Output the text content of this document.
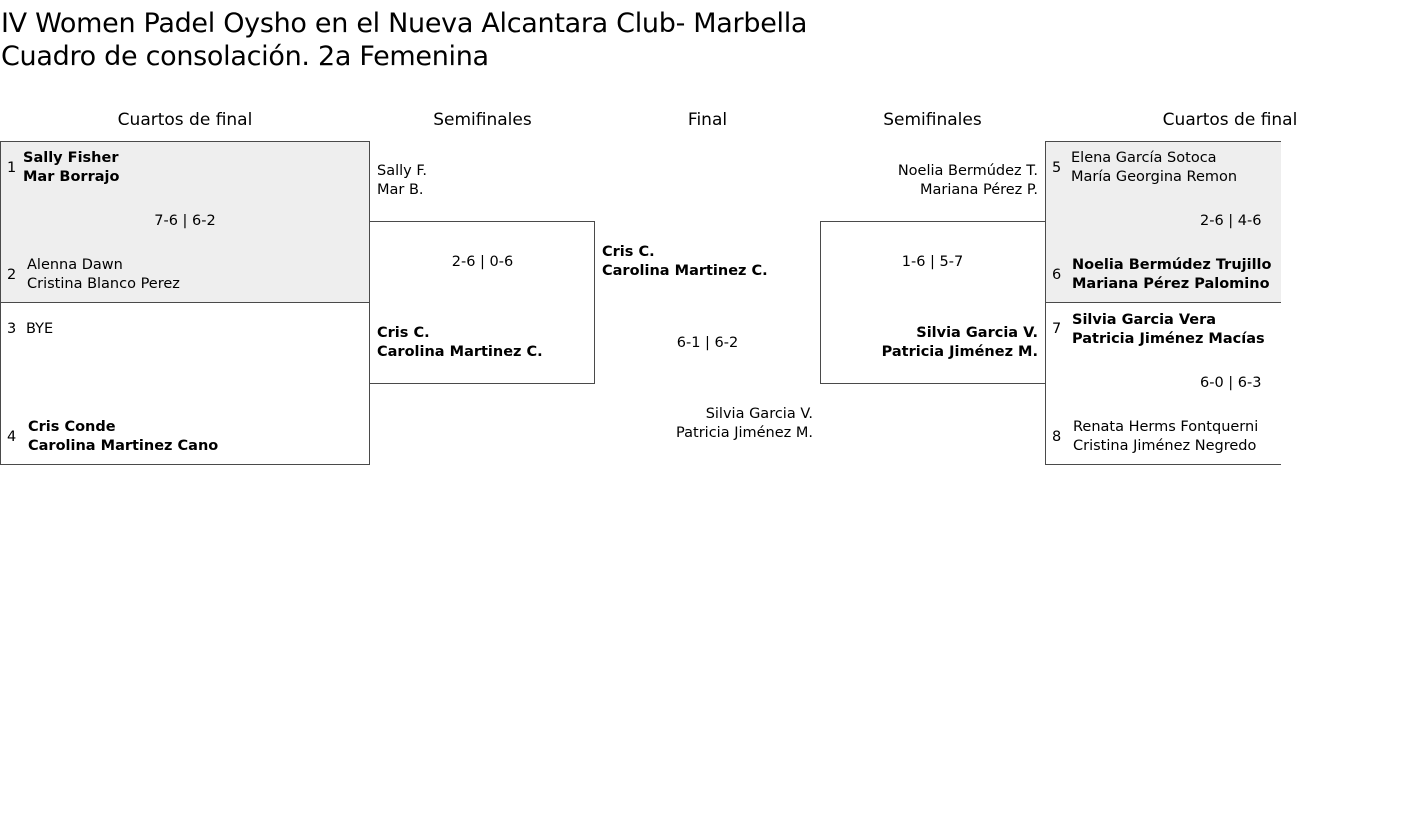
IV Women Padel Oysho en el Nueva Alcantara Club- Marbella
Cuadro de consolación. 2a Femenina
Cuartos de final	Semifinales	Final	Semifinales	Cuartos de final
1
Sally Fisher
Mar Borrajo
7-6 | 6-2
2
Alenna Dawn
Cristina Blanco Perez
3 BYE
4
Cris Conde
Carolina Martinez Cano
Sally F.
Mar B.
2-6 | 0-6
Cris C.
Carolina Martinez C.
Cris C.
Carolina Martinez C.
6-1 | 6-2
Silvia Garcia V.
Patricia Jiménez M.
Noelia Bermúdez T.
Mariana Pérez P.
1-6 | 5-7
Silvia Garcia V.
Patricia Jiménez M.
5
Elena García Sotoca
María Georgina Remon
2-6 | 4-6
6
Noelia Bermúdez Trujillo
Mariana Pérez Palomino
7
Silvia Garcia Vera
Patricia Jiménez Macías
6-0 | 6-3
8
Renata Herms Fontquerni
Cristina Jiménez Negredo
